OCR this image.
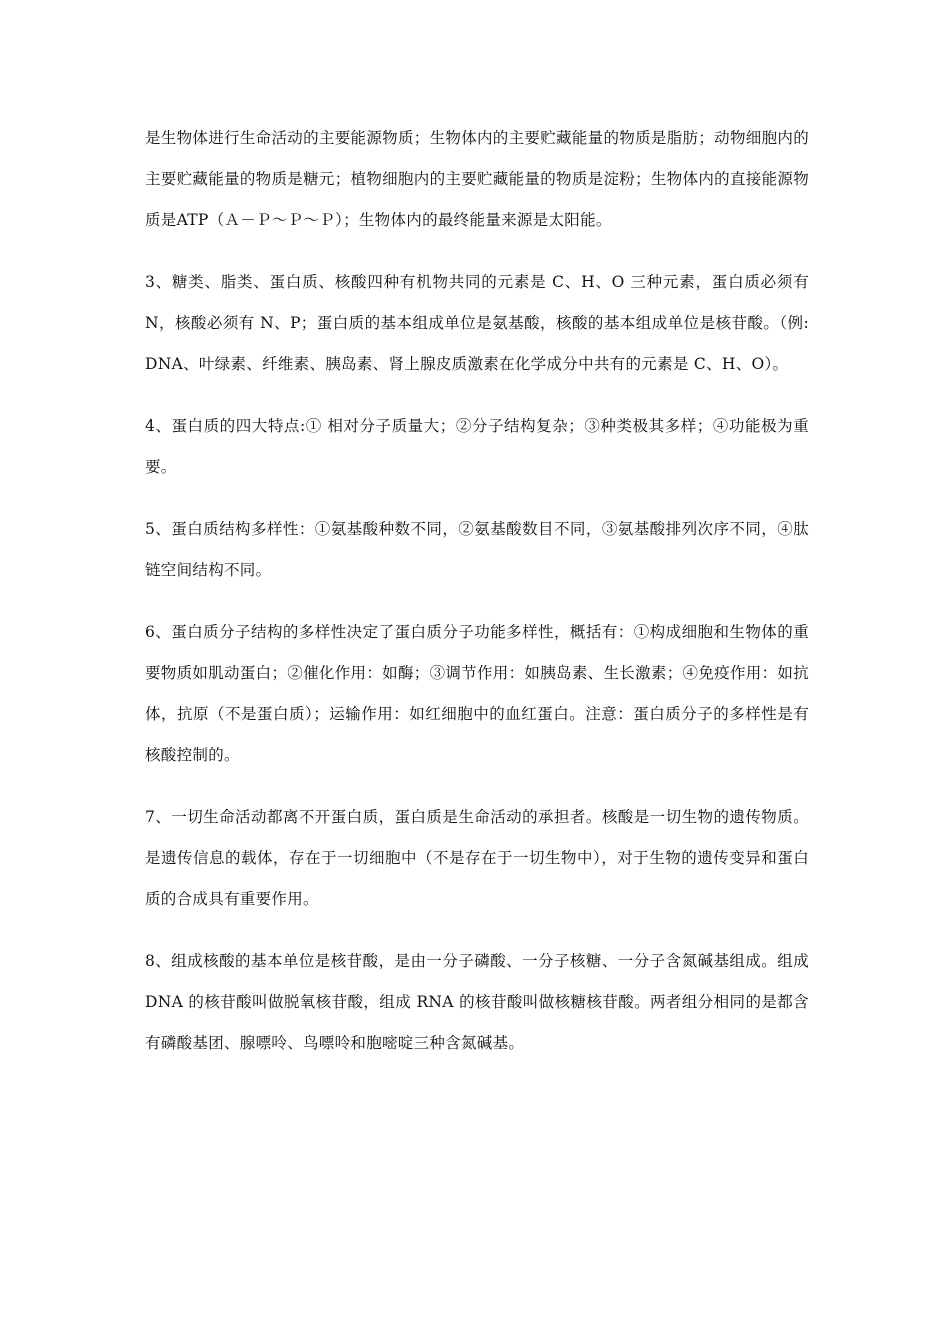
是生物体进行生命活动的主要能源物质；生物体内的主要贮藏能量的物质是脂肪；动物细胞内的主要贮藏能量的物质是糖元；植物细胞内的主要贮藏能量的物质是淀粉；生物体内的直接能源物质是ATP（Ａ－Ｐ～Ｐ～Ｐ）；生物体内的最终能量来源是太阳能。

3、糖类、脂类、蛋白质、核酸四种有机物共同的元素是 C、H、O 三种元素，蛋白质必须有 N，核酸必须有 N、P；蛋白质的基本组成单位是氨基酸，核酸的基本组成单位是核苷酸。（例: DNA、叶绿素、纤维素、胰岛素、肾上腺皮质激素在化学成分中共有的元素是 C、H、O）。

4、蛋白质的四大特点:① 相对分子质量大；②分子结构复杂；③种类极其多样；④功能极为重要。

5、蛋白质结构多样性：①氨基酸种数不同，②氨基酸数目不同，③氨基酸排列次序不同，④肽链空间结构不同。

6、蛋白质分子结构的多样性决定了蛋白质分子功能多样性，概括有：①构成细胞和生物体的重要物质如肌动蛋白；②催化作用：如酶；③调节作用：如胰岛素、生长激素；④免疫作用：如抗体，抗原（不是蛋白质）；运输作用：如红细胞中的血红蛋白。注意：蛋白质分子的多样性是有核酸控制的。

7、一切生命活动都离不开蛋白质，蛋白质是生命活动的承担者。核酸是一切生物的遗传物质。是遗传信息的载体，存在于一切细胞中（不是存在于一切生物中），对于生物的遗传变异和蛋白质的合成具有重要作用。

8、组成核酸的基本单位是核苷酸，是由一分子磷酸、一分子核糖、一分子含氮碱基组成。组成 DNA 的核苷酸叫做脱氧核苷酸，组成 RNA 的核苷酸叫做核糖核苷酸。两者组分相同的是都含有磷酸基团、腺嘌呤、鸟嘌呤和胞嘧啶三种含氮碱基。
